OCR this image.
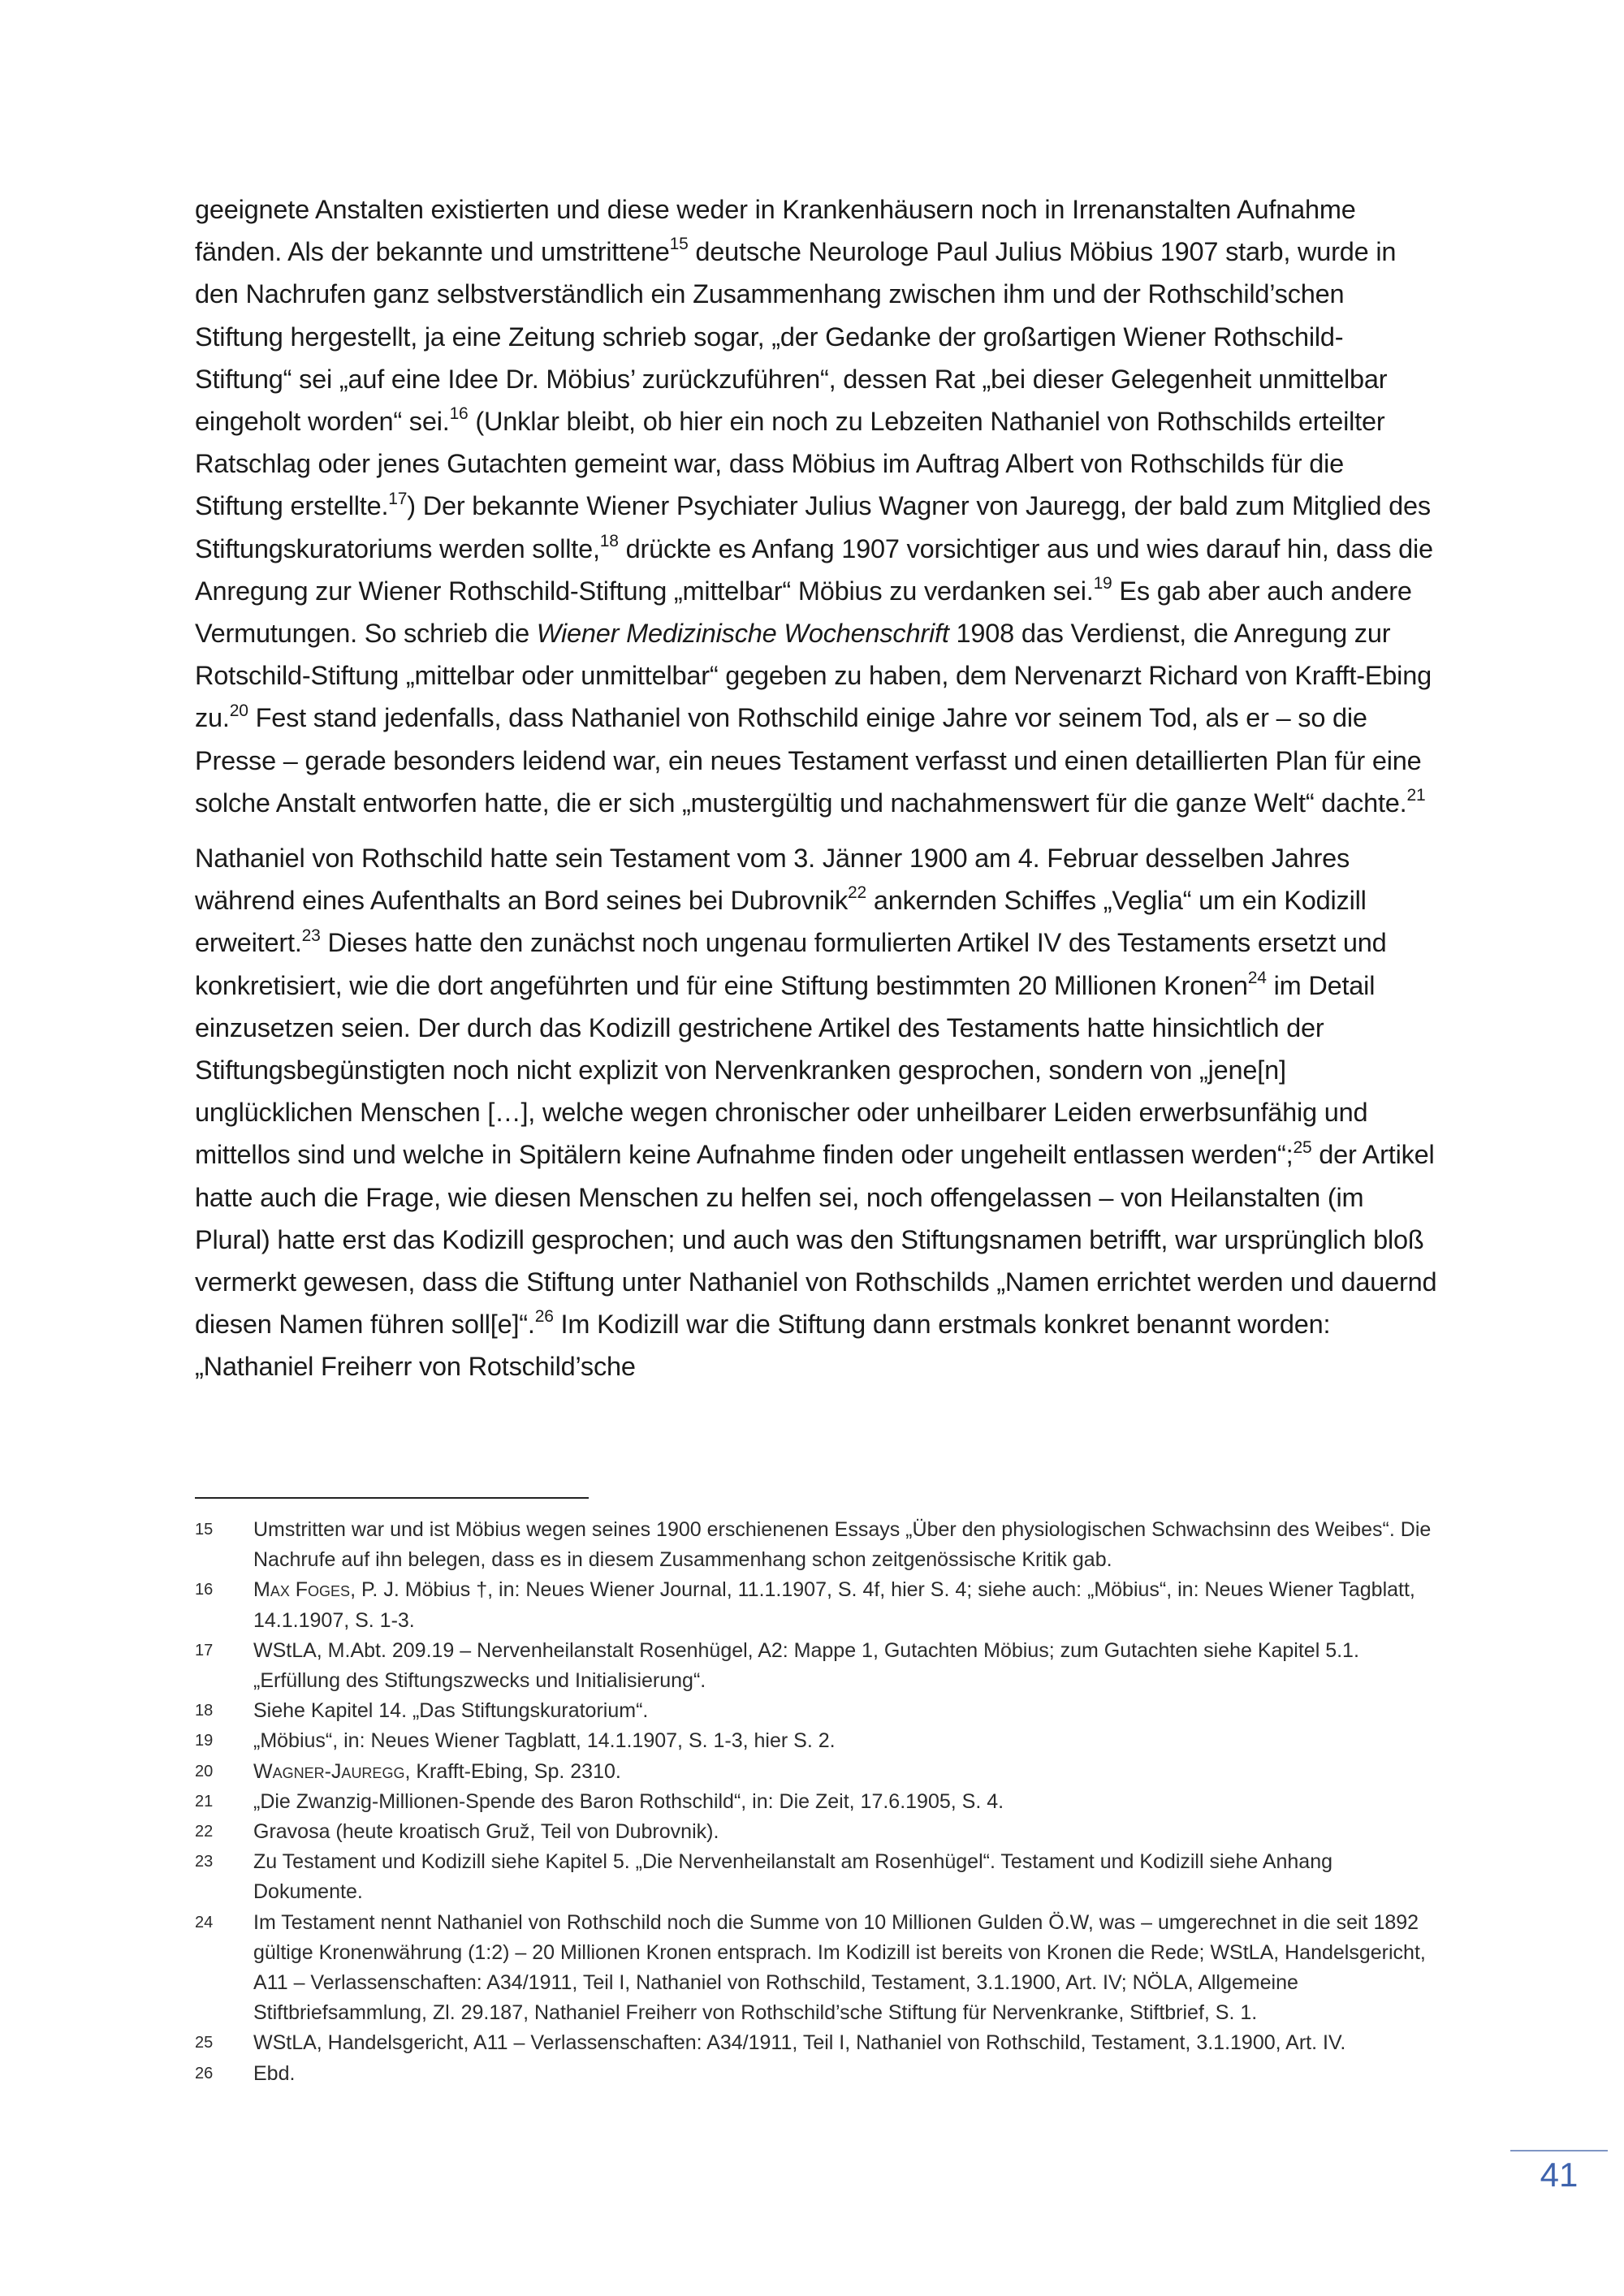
geeignete Anstalten existierten und diese weder in Krankenhäusern noch in Irrenanstalten Aufnahme fänden. Als der bekannte und umstrittene$^{15}$ deutsche Neurologe Paul Julius Möbius 1907 starb, wurde in den Nachrufen ganz selbstverständlich ein Zusammenhang zwischen ihm und der Rothschild’schen Stiftung hergestellt, ja eine Zeitung schrieb sogar, „der Gedanke der großartigen Wiener Rothschild-Stiftung“ sei „auf eine Idee Dr. Möbius’ zurückzuführen“, dessen Rat „bei dieser Gelegenheit unmittelbar eingeholt worden“ sei.$^{16}$ (Unklar bleibt, ob hier ein noch zu Lebzeiten Nathaniel von Rothschilds erteilter Ratschlag oder jenes Gutachten gemeint war, dass Möbius im Auftrag Albert von Rothschilds für die Stiftung erstellte.$^{17}$) Der bekannte Wiener Psychiater Julius Wagner von Jauregg, der bald zum Mitglied des Stiftungskuratoriums werden sollte,$^{18}$ drückte es Anfang 1907 vorsichtiger aus und wies darauf hin, dass die Anregung zur Wiener Rothschild-Stiftung „mittelbar“ Möbius zu verdanken sei.$^{19}$ Es gab aber auch andere Vermutungen. So schrieb die Wiener Medizinische Wochenschrift 1908 das Verdienst, die Anregung zur Rotschild-Stiftung „mittelbar oder unmittelbar“ gegeben zu haben, dem Nervenarzt Richard von Krafft-Ebing zu.$^{20}$ Fest stand jedenfalls, dass Nathaniel von Rothschild einige Jahre vor seinem Tod, als er – so die Presse – gerade besonders leidend war, ein neues Testament verfasst und einen detaillierten Plan für eine solche Anstalt entworfen hatte, die er sich „mustergültig und nachahmenswert für die ganze Welt“ dachte.$^{21}$

Nathaniel von Rothschild hatte sein Testament vom 3. Jänner 1900 am 4. Februar desselben Jahres während eines Aufenthalts an Bord seines bei Dubrovnik$^{22}$ ankernden Schiffes „Veglia“ um ein Kodizill erweitert.$^{23}$ Dieses hatte den zunächst noch ungenau formulierten Artikel IV des Testaments ersetzt und konkretisiert, wie die dort angeführten und für eine Stiftung bestimmten 20 Millionen Kronen$^{24}$ im Detail einzusetzen seien. Der durch das Kodizill gestrichene Artikel des Testaments hatte hinsichtlich der Stiftungsbegünstigten noch nicht explizit von Nervenkranken gesprochen, sondern von „jene[n] unglücklichen Menschen […], welche wegen chronischer oder unheilbarer Leiden erwerbsunfähig und mittellos sind und welche in Spitälern keine Aufnahme finden oder ungeheilt entlassen werden“;$^{25}$ der Artikel hatte auch die Frage, wie diesen Menschen zu helfen sei, noch offengelassen – von Heilanstalten (im Plural) hatte erst das Kodizill gesprochen; und auch was den Stiftungsnamen betrifft, war ursprünglich bloß vermerkt gewesen, dass die Stiftung unter Nathaniel von Rothschilds „Namen errichtet werden und dauernd diesen Namen führen soll[e]“.$^{26}$ Im Kodizill war die Stiftung dann erstmals konkret benannt worden: „Nathaniel Freiherr von Rotschild’sche

15	Umstritten war und ist Möbius wegen seines 1900 erschienenen Essays „Über den physiologischen Schwachsinn des Weibes“. Die Nachrufe auf ihn belegen, dass es in diesem Zusammenhang schon zeitgenössische Kritik gab.
16	Max Foges, P. J. Möbius †, in: Neues Wiener Journal, 11.1.1907, S. 4f, hier S. 4; siehe auch: „Möbius“, in: Neues Wiener Tagblatt, 14.1.1907, S. 1-3.
17	WStLA, M.Abt. 209.19 – Nervenheilanstalt Rosenhügel, A2: Mappe 1, Gutachten Möbius; zum Gutachten siehe Kapitel 5.1. „Erfüllung des Stiftungszwecks und Initialisierung“.
18	Siehe Kapitel 14. „Das Stiftungskuratorium“.
19	„Möbius“, in: Neues Wiener Tagblatt, 14.1.1907, S. 1-3, hier S. 2.
20	Wagner-Jauregg, Krafft-Ebing, Sp. 2310.
21	„Die Zwanzig-Millionen-Spende des Baron Rothschild“, in: Die Zeit, 17.6.1905, S. 4.
22	Gravosa (heute kroatisch Gruž, Teil von Dubrovnik).
23	Zu Testament und Kodizill siehe Kapitel 5. „Die Nervenheilanstalt am Rosenhügel“. Testament und Kodizill siehe Anhang Dokumente.
24	Im Testament nennt Nathaniel von Rothschild noch die Summe von 10 Millionen Gulden Ö.W, was – umgerechnet in die seit 1892 gültige Kronenwährung (1:2) – 20 Millionen Kronen entsprach. Im Kodizill ist bereits von Kronen die Rede; WStLA, Handelsgericht, A11 – Verlassenschaften: A34/1911, Teil I, Nathaniel von Rothschild, Testament, 3.1.1900, Art. IV; NÖLA, Allgemeine Stiftbriefsammlung, Zl. 29.187, Nathaniel Freiherr von Rothschild’sche Stiftung für Nervenkranke, Stiftbrief, S. 1.
25	WStLA, Handelsgericht, A11 – Verlassenschaften: A34/1911, Teil I, Nathaniel von Rothschild, Testament, 3.1.1900, Art. IV.
26	Ebd.
41
